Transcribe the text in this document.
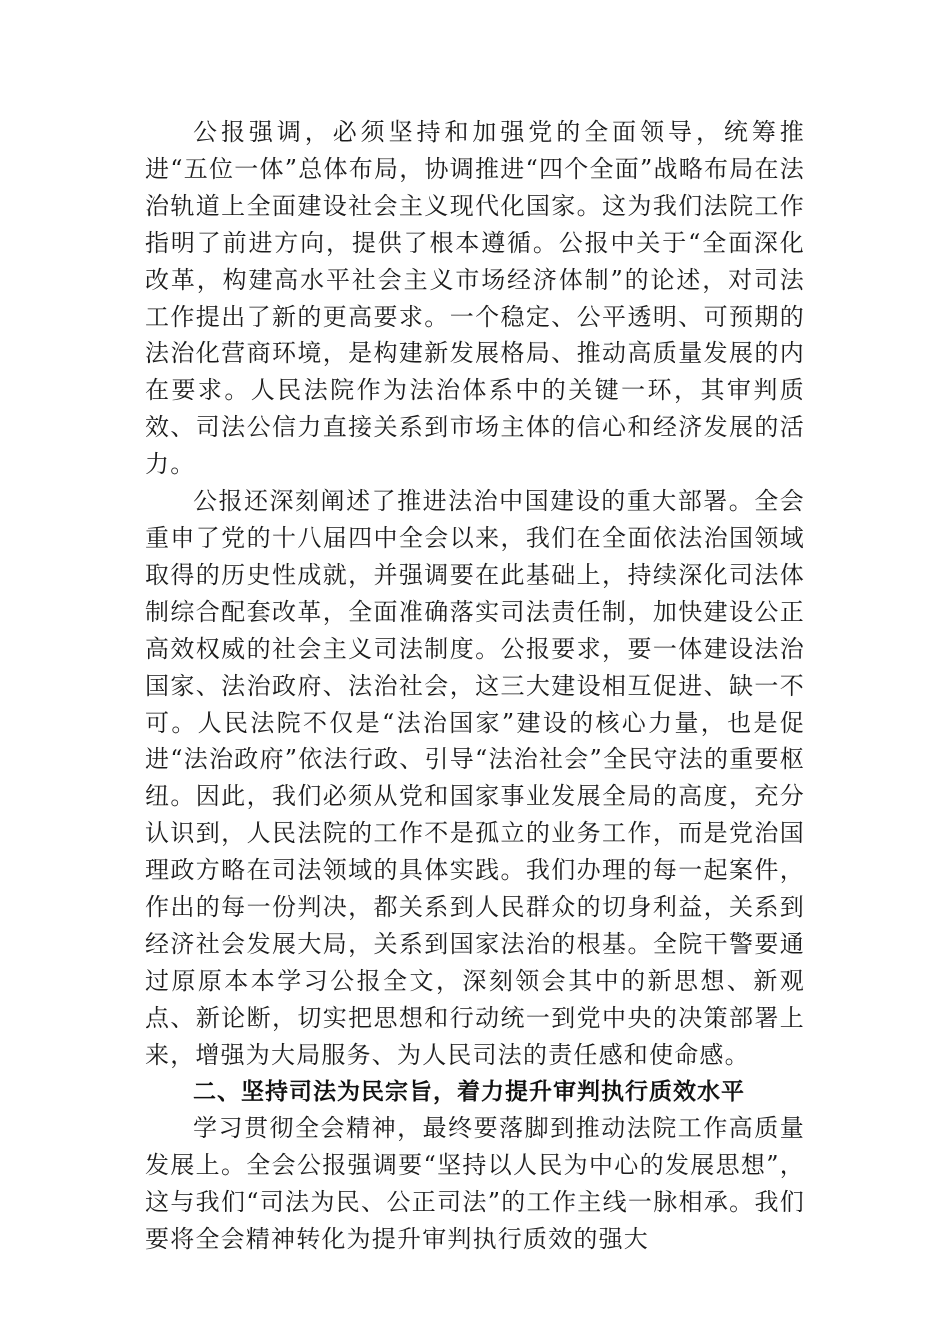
公报强调，必须坚持和加强党的全面领导，统筹推进“五位一体”总体布局，协调推进“四个全面”战略布局在法治轨道上全面建设社会主义现代化国家。这为我们法院工作指明了前进方向，提供了根本遵循。公报中关于“全面深化改革，构建高水平社会主义市场经济体制”的论述，对司法工作提出了新的更高要求。一个稳定、公平透明、可预期的法治化营商环境，是构建新发展格局、推动高质量发展的内在要求。人民法院作为法治体系中的关键一环，其审判质效、司法公信力直接关系到市场主体的信心和经济发展的活力。

公报还深刻阐述了推进法治中国建设的重大部署。全会重申了党的十八届四中全会以来，我们在全面依法治国领域取得的历史性成就，并强调要在此基础上，持续深化司法体制综合配套改革，全面准确落实司法责任制，加快建设公正高效权威的社会主义司法制度。公报要求，要一体建设法治国家、法治政府、法治社会，这三大建设相互促进、缺一不可。人民法院不仅是“法治国家”建设的核心力量，也是促进“法治政府”依法行政、引导“法治社会”全民守法的重要枢纽。因此，我们必须从党和国家事业发展全局的高度，充分认识到，人民法院的工作不是孤立的业务工作，而是党治国理政方略在司法领域的具体实践。我们办理的每一起案件，作出的每一份判决，都关系到人民群众的切身利益，关系到经济社会发展大局，关系到国家法治的根基。全院干警要通过原原本本学习公报全文，深刻领会其中的新思想、新观点、新论断，切实把思想和行动统一到党中央的决策部署上来，增强为大局服务、为人民司法的责任感和使命感。

二、坚持司法为民宗旨，着力提升审判执行质效水平

学习贯彻全会精神，最终要落脚到推动法院工作高质量发展上。全会公报强调要“坚持以人民为中心的发展思想”，这与我们“司法为民、公正司法”的工作主线一脉相承。我们要将全会精神转化为提升审判执行质效的强大
